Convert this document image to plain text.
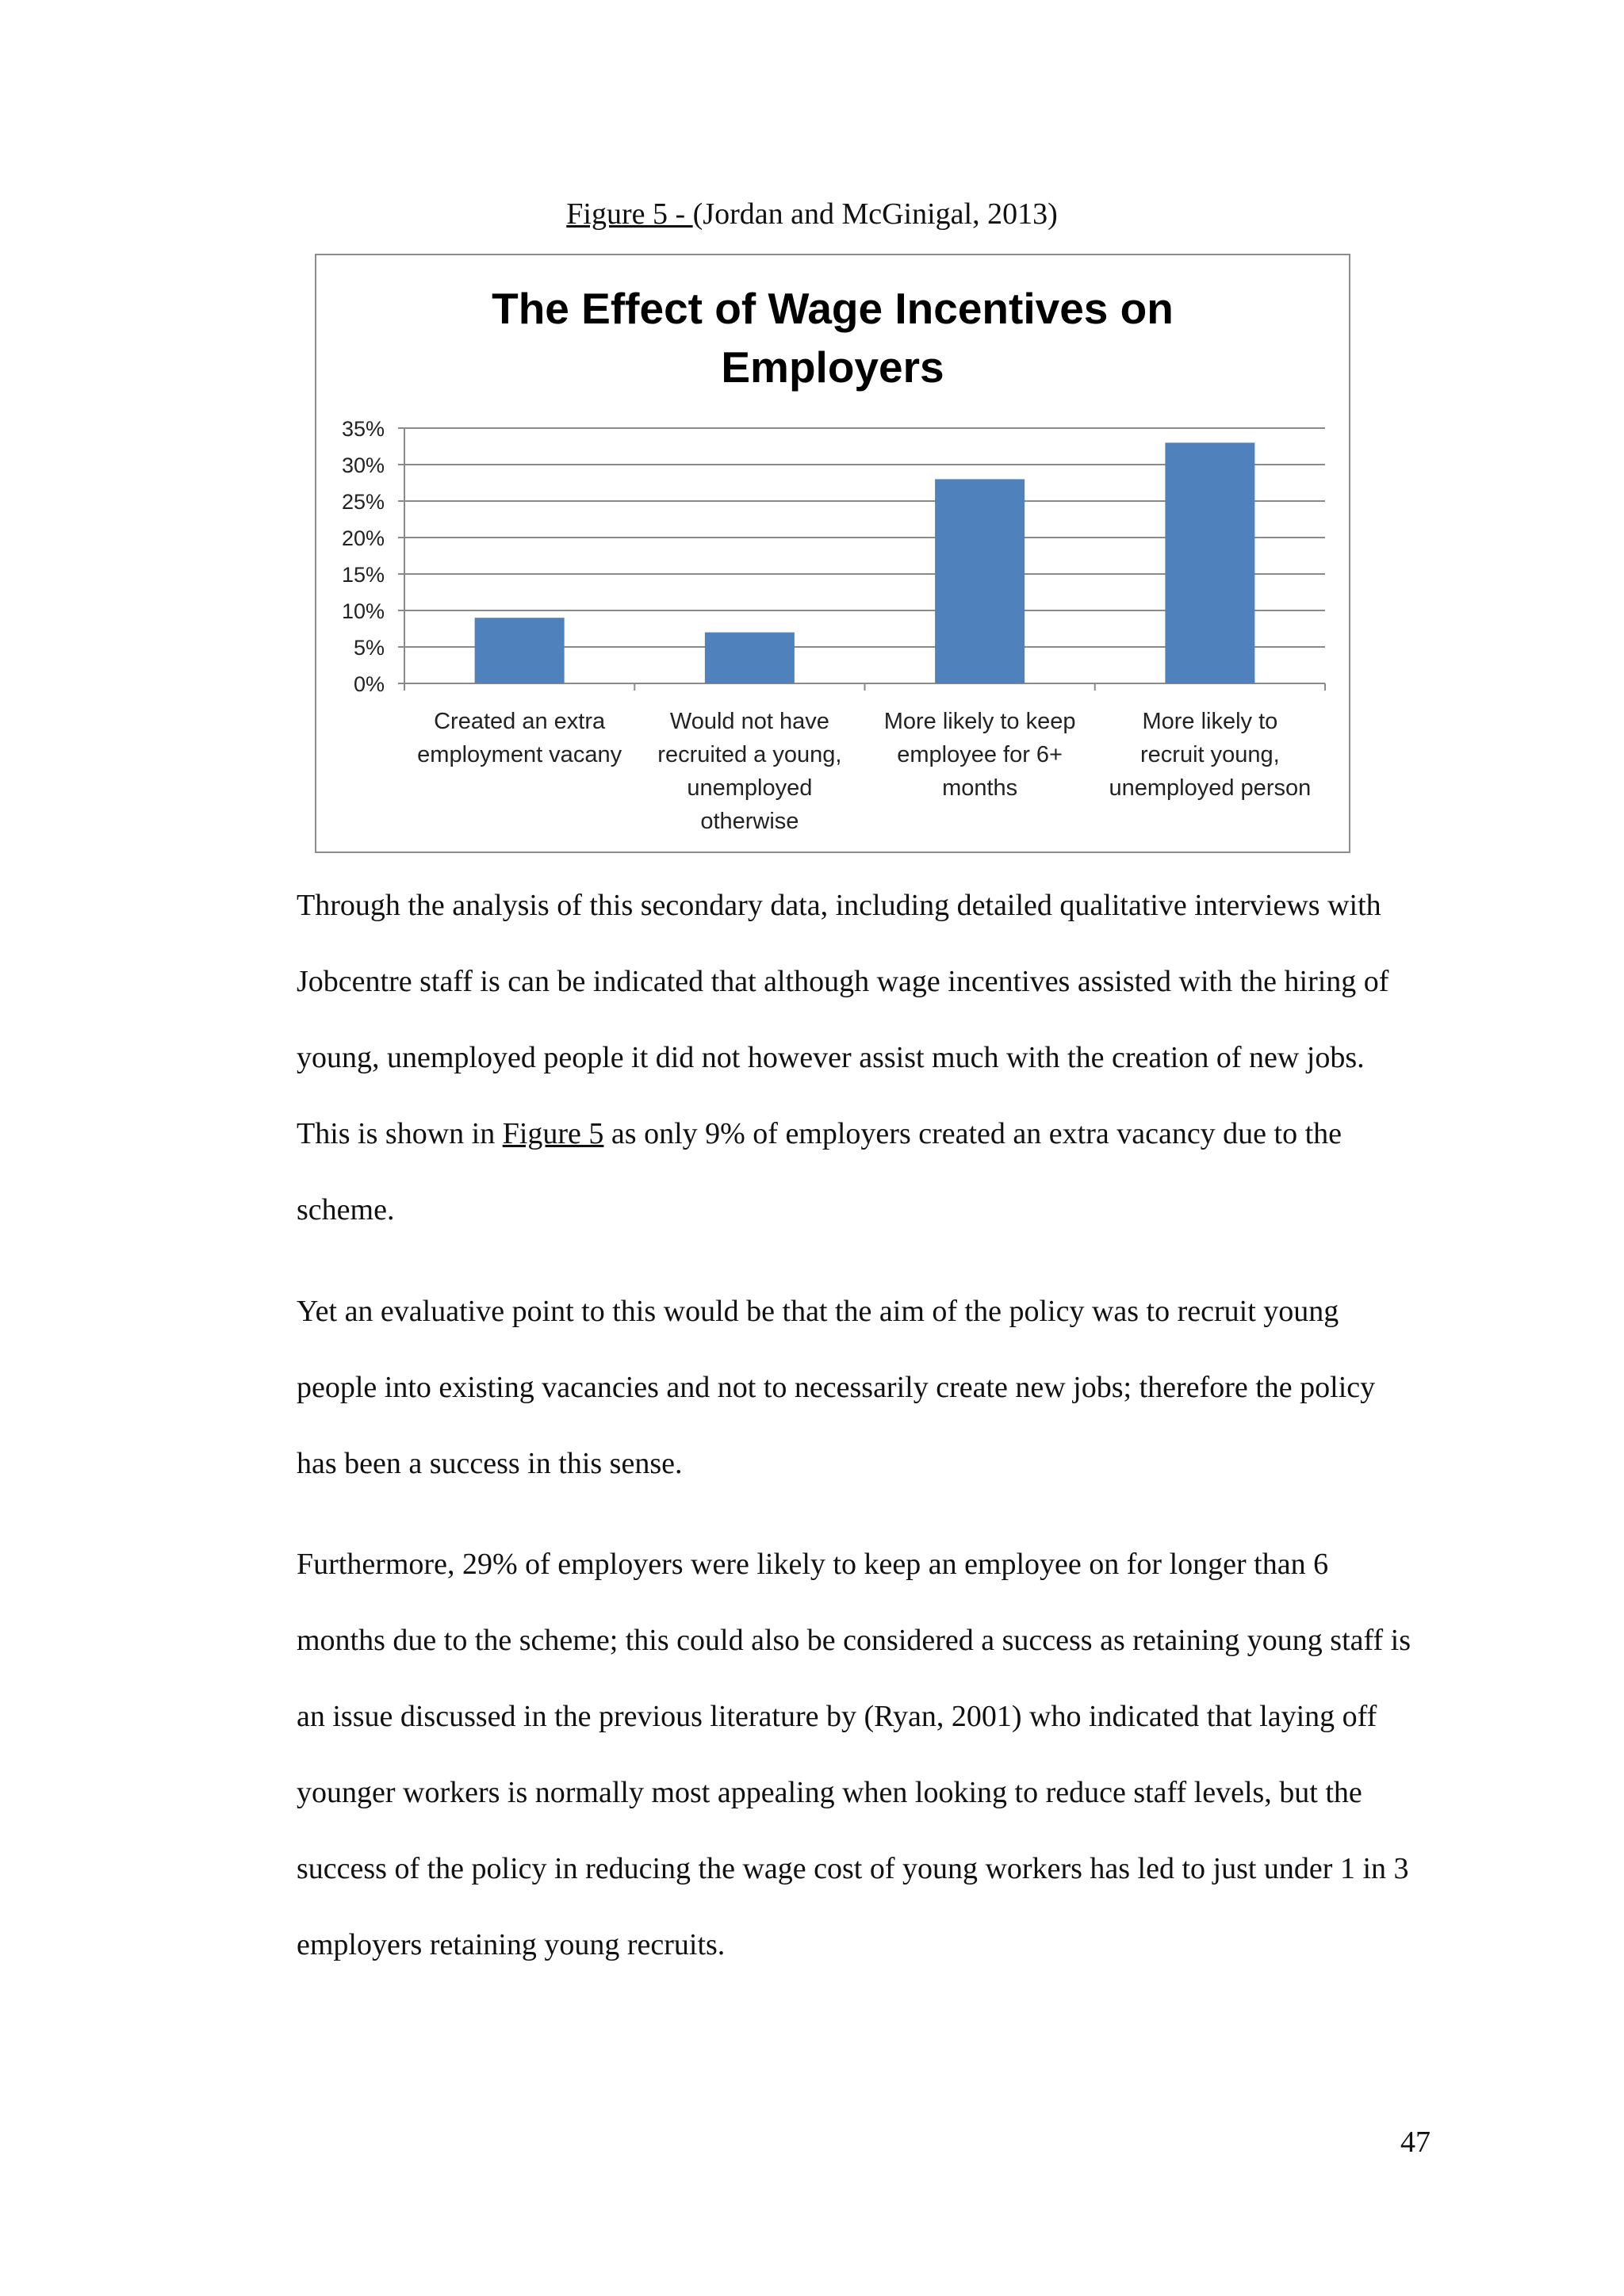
Figure 5 - (Jordan and McGinigal, 2013)
The Effect of Wage Incentives on
Employers
0%
5%
10%
15%
20%
25%
30%
35%
Created an extra
employment vacany
Would not have
recruited a young,
unemployed
otherwise
More likely to keep
employee for 6+
months
More likely to
recruit young,
unemployed person

Through the analysis of this secondary data, including detailed qualitative interviews with Jobcentre staff is can be indicated that although wage incentives assisted with the hiring of young, unemployed people it did not however assist much with the creation of new jobs. This is shown in Figure 5 as only 9% of employers created an extra vacancy due to the scheme.

Yet an evaluative point to this would be that the aim of the policy was to recruit young people into existing vacancies and not to necessarily create new jobs; therefore the policy has been a success in this sense.

Furthermore, 29% of employers were likely to keep an employee on for longer than 6 months due to the scheme; this could also be considered a success as retaining young staff is an issue discussed in the previous literature by (Ryan, 2001) who indicated that laying off younger workers is normally most appealing when looking to reduce staff levels, but the success of the policy in reducing the wage cost of young workers has led to just under 1 in 3 employers retaining young recruits.

47
